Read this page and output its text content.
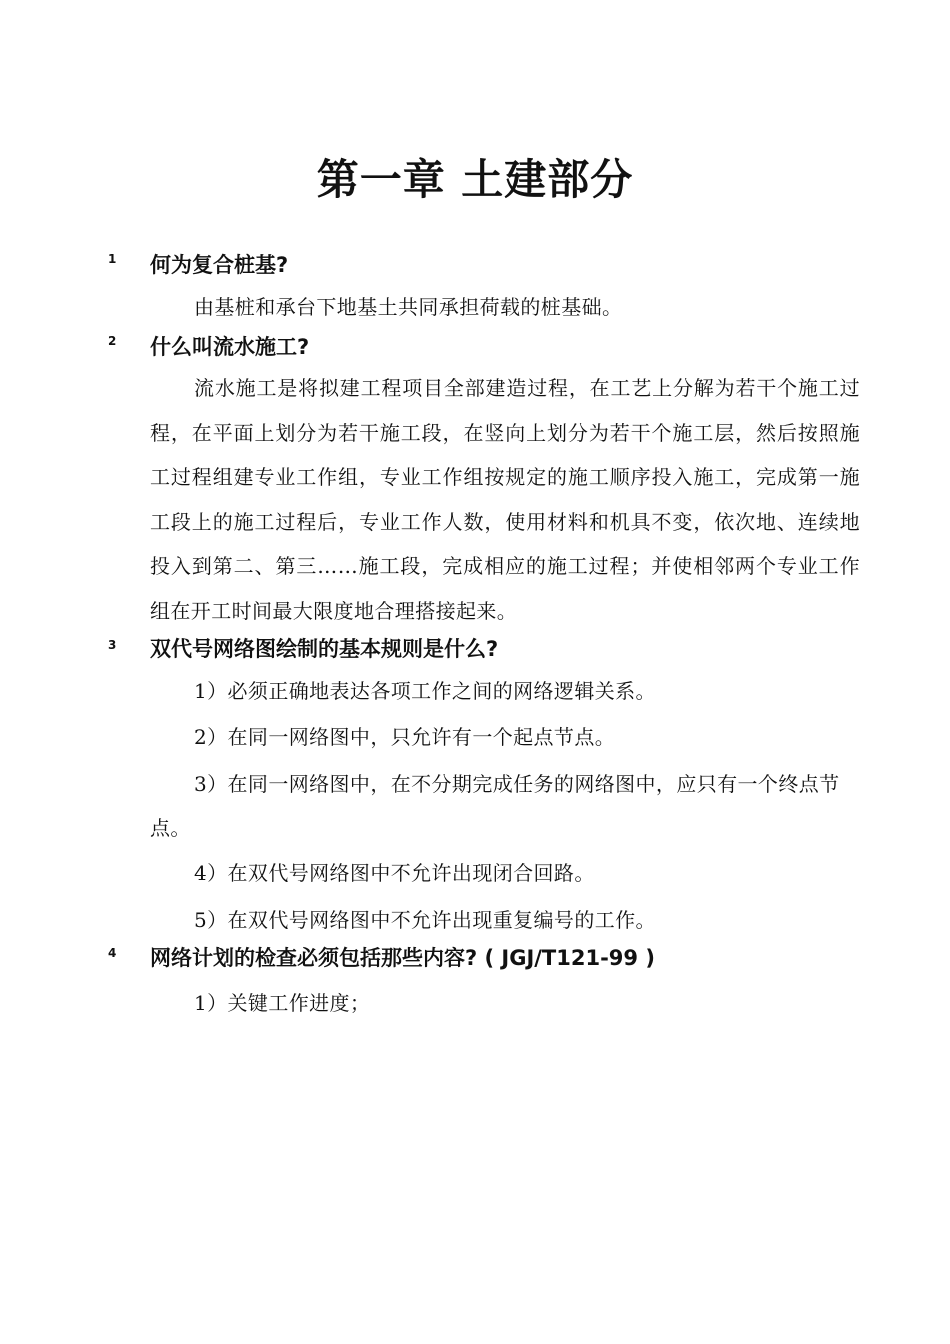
第一章 土建部分
1 何为复合桩基?
由基桩和承台下地基土共同承担荷载的桩基础。
2 什么叫流水施工?
流水施工是将拟建工程项目全部建造过程，在工艺上分解为若干个施工过程，在平面上划分为若干施工段，在竖向上划分为若干个施工层，然后按照施工过程组建专业工作组，专业工作组按规定的施工顺序投入施工，完成第一施工段上的施工过程后，专业工作人数，使用材料和机具不变，依次地、连续地投入到第二、第三……施工段，完成相应的施工过程；并使相邻两个专业工作组在开工时间最大限度地合理搭接起来。
3 双代号网络图绘制的基本规则是什么?
1）必须正确地表达各项工作之间的网络逻辑关系。
2）在同一网络图中，只允许有一个起点节点。
3）在同一网络图中，在不分期完成任务的网络图中，应只有一个终点节点。
4）在双代号网络图中不允许出现闭合回路。
5）在双代号网络图中不允许出现重复编号的工作。
4 网络计划的检查必须包括那些内容? ( JGJ/T121-99 )
1）关键工作进度；
